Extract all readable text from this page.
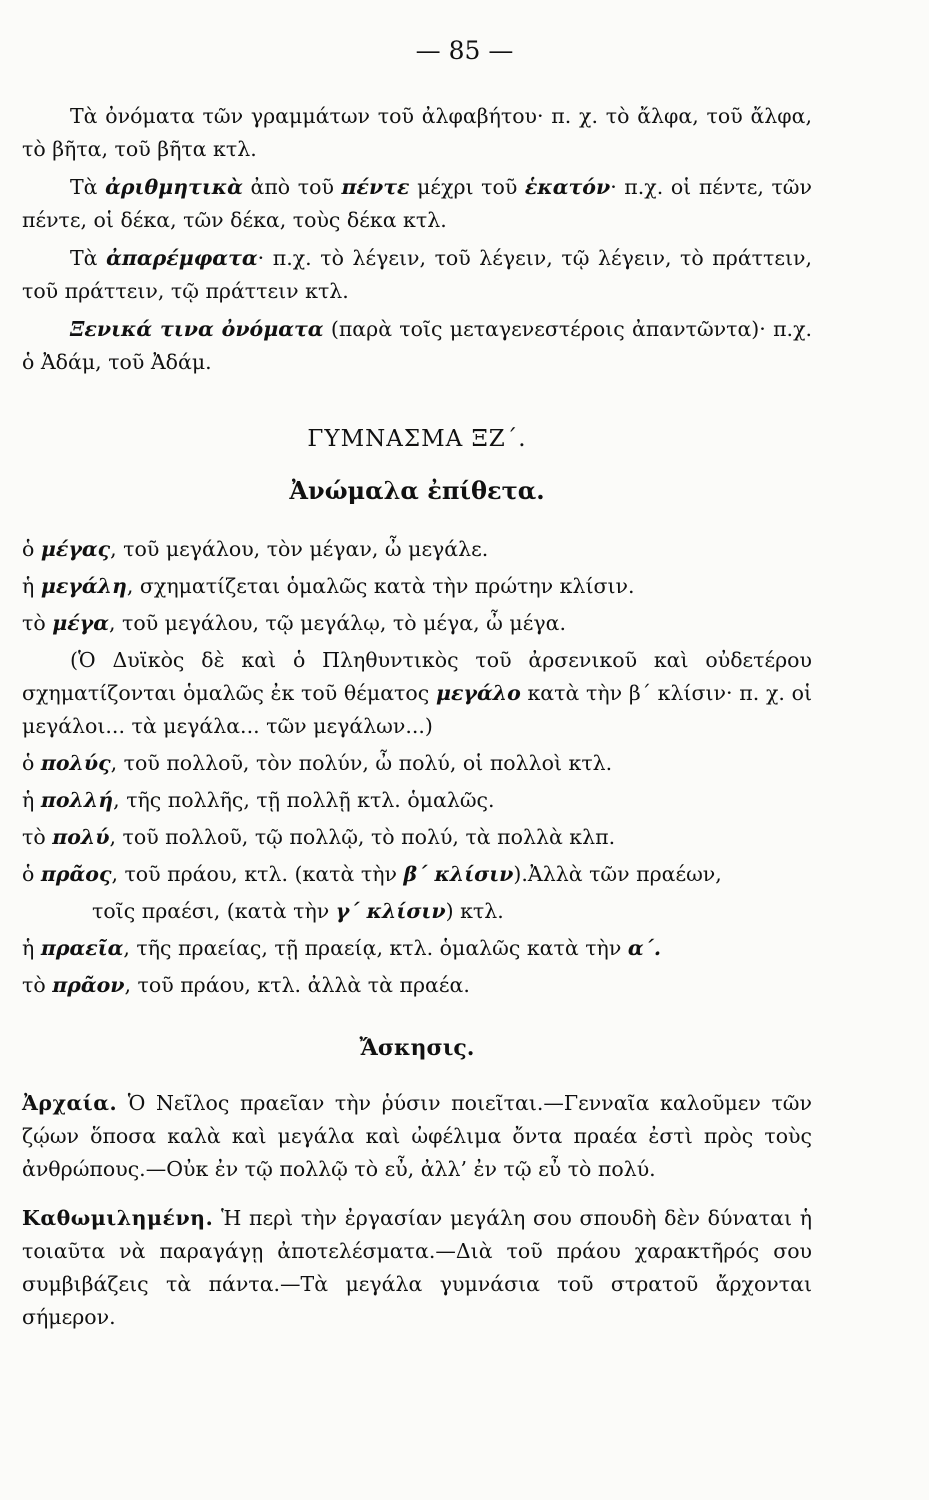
— 85 —

Τὰ ὀνόματα τῶν γραμμάτων τοῦ ἀλφαβήτου· π. χ. τὸ ἄλφα, τοῦ ἄλφα, τὸ βῆτα, τοῦ βῆτα κτλ.

Τὰ ἀριθμητικὰ ἀπὸ τοῦ πέντε μέχρι τοῦ ἑκατόν· π.χ. οἱ πέντε, τῶν πέντε, οἱ δέκα, τῶν δέκα, τοὺς δέκα κτλ.

Τὰ ἀπαρέμφατα· π.χ. τὸ λέγειν, τοῦ λέγειν, τῷ λέγειν, τὸ πράττειν, τοῦ πράττειν, τῷ πράττειν κτλ.

Ξενικά τινα ὀνόματα (παρὰ τοῖς μεταγενεστέροις ἀπαντῶντα)· π.χ. ὁ Ἀδάμ, τοῦ Ἀδάμ.

ΓΥΜΝΑΣΜΑ ΞΖ΄.
Ἀνώμαλα ἐπίθετα.
ὁ μέγας, τοῦ μεγάλου, τὸν μέγαν, ὦ μεγάλε.
ἡ μεγάλη, σχηματίζεται ὁμαλῶς κατὰ τὴν πρώτην κλίσιν.
τὸ μέγα, τοῦ μεγάλου, τῷ μεγάλῳ, τὸ μέγα, ὦ μέγα.

(Ὁ Δυϊκὸς δὲ καὶ ὁ Πληθυντικὸς τοῦ ἀρσενικοῦ καὶ οὐδετέρου σχηματίζονται ὁμαλῶς ἐκ τοῦ θέματος μεγάλο κατὰ τὴν β΄ κλίσιν· π. χ. οἱ μεγάλοι... τὰ μεγάλα... τῶν μεγάλων...)

ὁ πολύς, τοῦ πολλοῦ, τὸν πολύν, ὦ πολύ, οἱ πολλοὶ κτλ.
ἡ πολλή, τῆς πολλῆς, τῇ πολλῇ κτλ. ὁμαλῶς.
τὸ πολύ, τοῦ πολλοῦ, τῷ πολλῷ, τὸ πολύ, τὰ πολλὰ κλπ.
ὁ πρᾶος, τοῦ πράου, κτλ. (κατὰ τὴν β΄ κλίσιν).Ἀλλὰ τῶν πραέων,
τοῖς πραέσι, (κατὰ τὴν γ΄ κλίσιν) κτλ.
ἡ πραεῖα, τῆς πραείας, τῇ πραείᾳ, κτλ. ὁμαλῶς κατὰ τὴν α΄.
τὸ πρᾶον, τοῦ πράου, κτλ. ἀλλὰ τὰ πραέα.
Ἄσκησις.

Ἀρχαία. Ὁ Νεῖλος πραεῖαν τὴν ῥύσιν ποιεῖται.—Γενναῖα καλοῦμεν τῶν ζῴων ὅποσα καλὰ καὶ μεγάλα καὶ ὠφέλιμα ὄντα πραέα ἐστὶ πρὸς τοὺς ἀνθρώπους.—Οὐκ ἐν τῷ πολλῷ τὸ εὖ, ἀλλ’ ἐν τῷ εὖ τὸ πολύ.

Καθωμιλημένη. Ἡ περὶ τὴν ἐργασίαν μεγάλη σου σπουδὴ δὲν δύναται ἡ τοιαῦτα νὰ παραγάγῃ ἀποτελέσματα.—Διὰ τοῦ πράου χαρακτῆρός σου συμβιβάζεις τὰ πάντα.—Τὰ μεγάλα γυμνάσια τοῦ στρατοῦ ἄρχονται σήμερον.
